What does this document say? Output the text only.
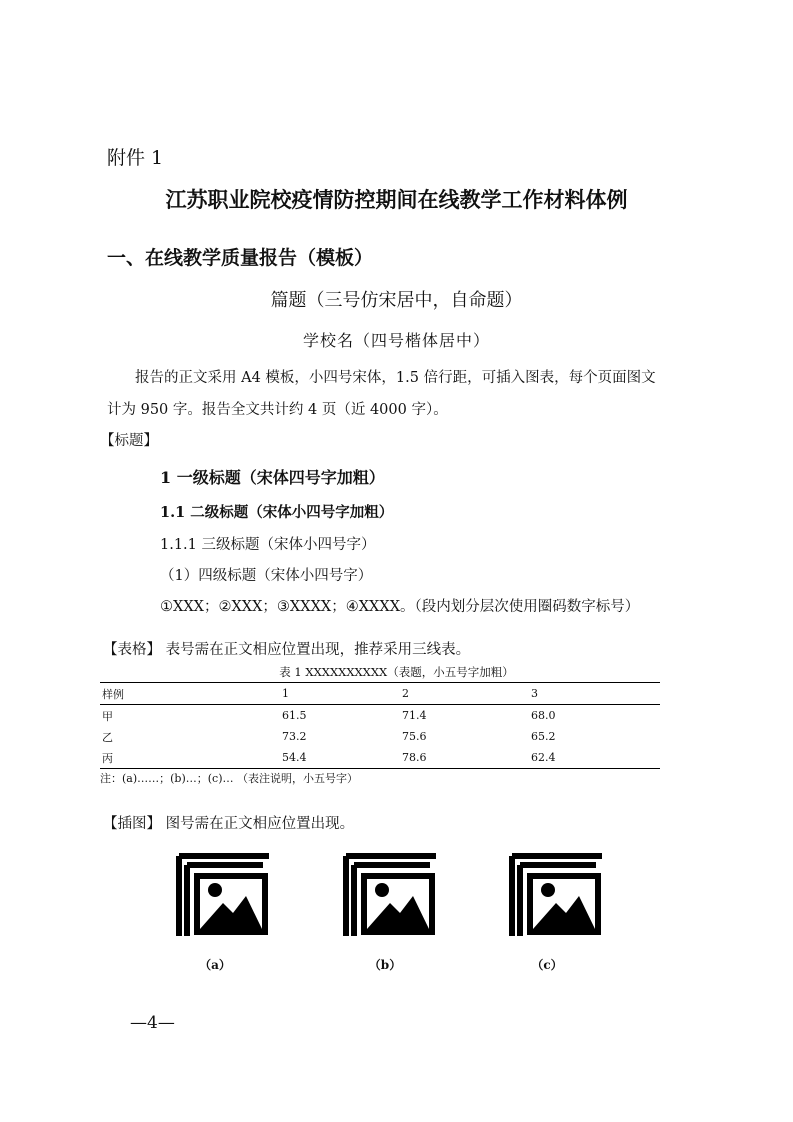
附件 1
江苏职业院校疫情防控期间在线教学工作材料体例
一、在线教学质量报告（模板）
篇题（三号仿宋居中，自命题）
学校名（四号楷体居中）
报告的正文采用 A4 模板，小四号宋体，1.5 倍行距，可插入图表，每个页面图文
计为 950 字。报告全文共计约 4 页（近 4000 字）。
【标题】
1 一级标题（宋体四号字加粗）
1.1 二级标题（宋体小四号字加粗）
1.1.1 三级标题（宋体小四号字）
（1）四级标题（宋体小四号字）
①XXX；②XXX；③XXXX；④XXXX。（段内划分层次使用圈码数字标号）
【表格】 表号需在正文相应位置出现，推荐采用三线表。
表 1 XXXXXXXXXX（表题，小五号字加粗）
样例	1	2	3
甲	61.5	71.4	68.0
乙	73.2	75.6	65.2
丙	54.4	78.6	62.4
注：(a)……；(b)…；(c)… （表注说明，小五号字）
【插图】 图号需在正文相应位置出现。
（a）	（b）	（c）
—4—
